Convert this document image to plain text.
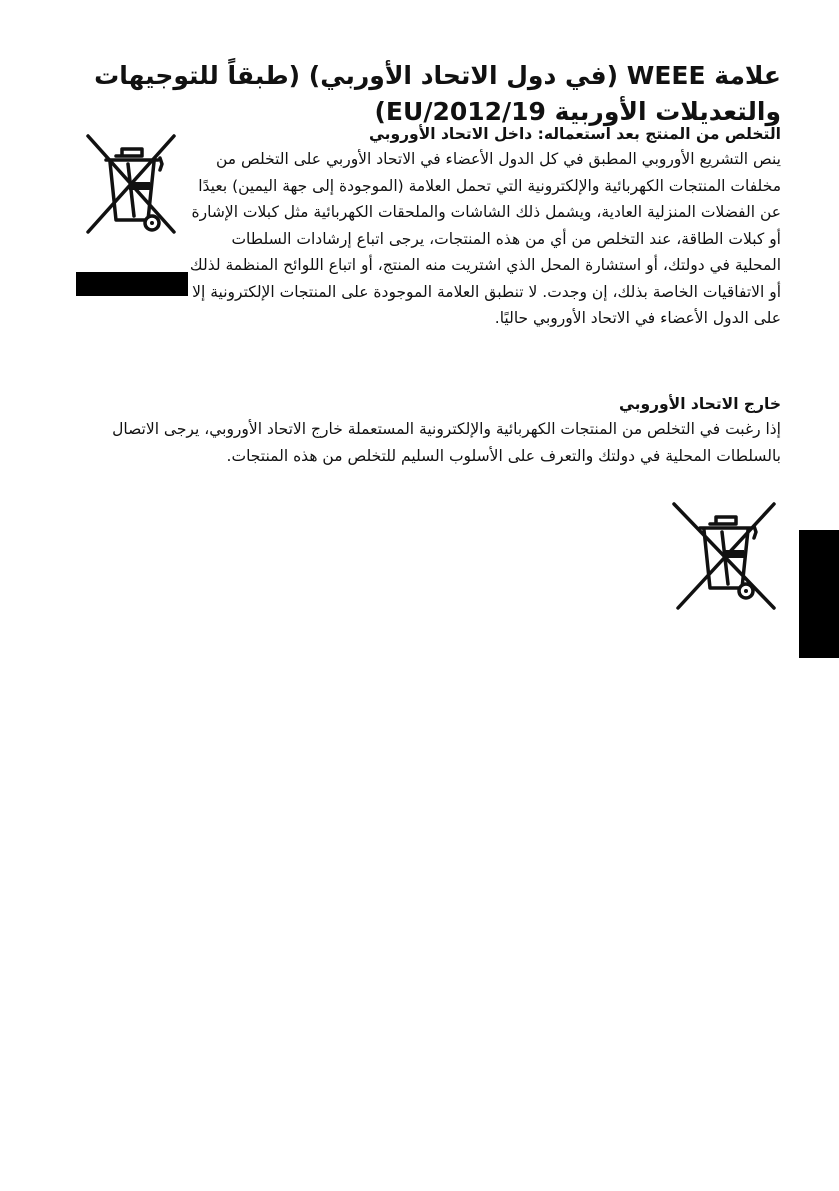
علامة WEEE (في دول الاتحاد الأوربي) (طبقاً للتوجيهات والتعديلات الأوربية 2012/19/EU)

التخلص من المنتج بعد استعماله: داخل الاتحاد الأوروبي

ينص التشريع الأوروبي المطبق في كل الدول الأعضاء في الاتحاد الأوربي على التخلص من مخلفات المنتجات الكهربائية والإلكترونية التي تحمل العلامة (الموجودة إلى جهة اليمين) بعيدًا عن الفضلات المنزلية العادية، ويشمل ذلك الشاشات والملحقات الكهربائية مثل كبلات الإشارة أو كبلات الطاقة، عند التخلص من أي من هذه المنتجات، يرجى اتباع إرشادات السلطات المحلية في دولتك، أو استشارة المحل الذي اشتريت منه المنتج، أو اتباع اللوائح المنظمة لذلك أو الاتفاقيات الخاصة بذلك، إن وجدت. لا تنطبق العلامة الموجودة على المنتجات الإلكترونية إلا على الدول الأعضاء في الاتحاد الأوروبي حاليًا.

خارج الاتحاد الأوروبي

إذا رغبت في التخلص من المنتجات الكهربائية والإلكترونية المستعملة خارج الاتحاد الأوروبي، يرجى الاتصال بالسلطات المحلية في دولتك والتعرف على الأسلوب السليم للتخلص من هذه المنتجات.
